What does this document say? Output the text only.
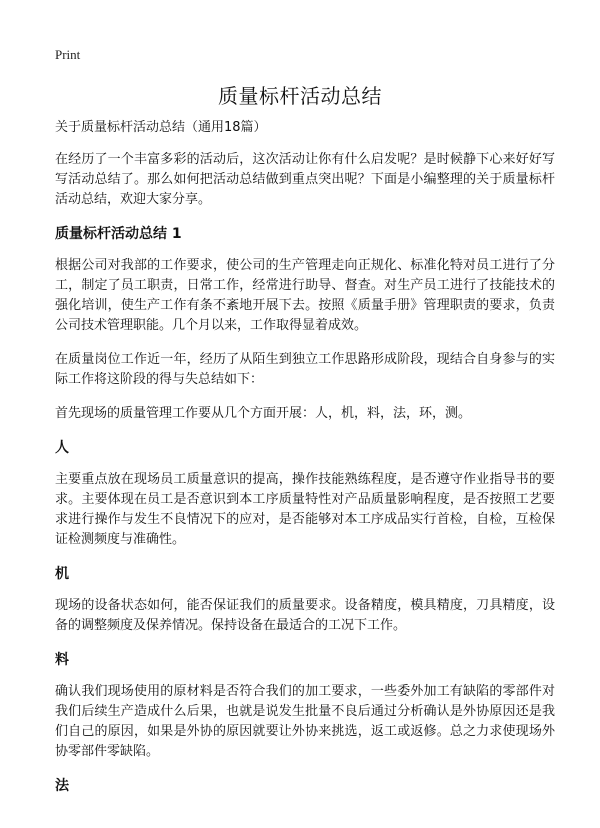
Print
质量标杆活动总结

关于质量标杆活动总结（通用18篇）

在经历了一个丰富多彩的活动后，这次活动让你有什么启发呢？是时候静下心来好好写写活动总结了。那么如何把活动总结做到重点突出呢？下面是小编整理的关于质量标杆活动总结，欢迎大家分享。

质量标杆活动总结 1

根据公司对我部的工作要求，使公司的生产管理走向正规化、标准化特对员工进行了分工，制定了员工职责，日常工作，经常进行助导、督查。对生产员工进行了技能技术的强化培训，使生产工作有条不紊地开展下去。按照《质量手册》管理职责的要求，负责公司技术管理职能。几个月以来，工作取得显着成效。

在质量岗位工作近一年，经历了从陌生到独立工作思路形成阶段，现结合自身参与的实际工作将这阶段的得与失总结如下：

首先现场的质量管理工作要从几个方面开展：人，机，料，法，环，测。

人

主要重点放在现场员工质量意识的提高，操作技能熟练程度，是否遵守作业指导书的要求。主要体现在员工是否意识到本工序质量特性对产品质量影响程度，是否按照工艺要求进行操作与发生不良情况下的应对，是否能够对本工序成品实行首检，自检，互检保证检测频度与准确性。

机

现场的设备状态如何，能否保证我们的质量要求。设备精度，模具精度，刀具精度，设备的调整频度及保养情况。保持设备在最适合的工况下工作。

料

确认我们现场使用的原材料是否符合我们的加工要求，一些委外加工有缺陷的零部件对我们后续生产造成什么后果，也就是说发生批量不良后通过分析确认是外协原因还是我们自己的原因，如果是外协的原因就要让外协来挑选，返工或返修。总之力求使现场外协零部件零缺陷。

法
